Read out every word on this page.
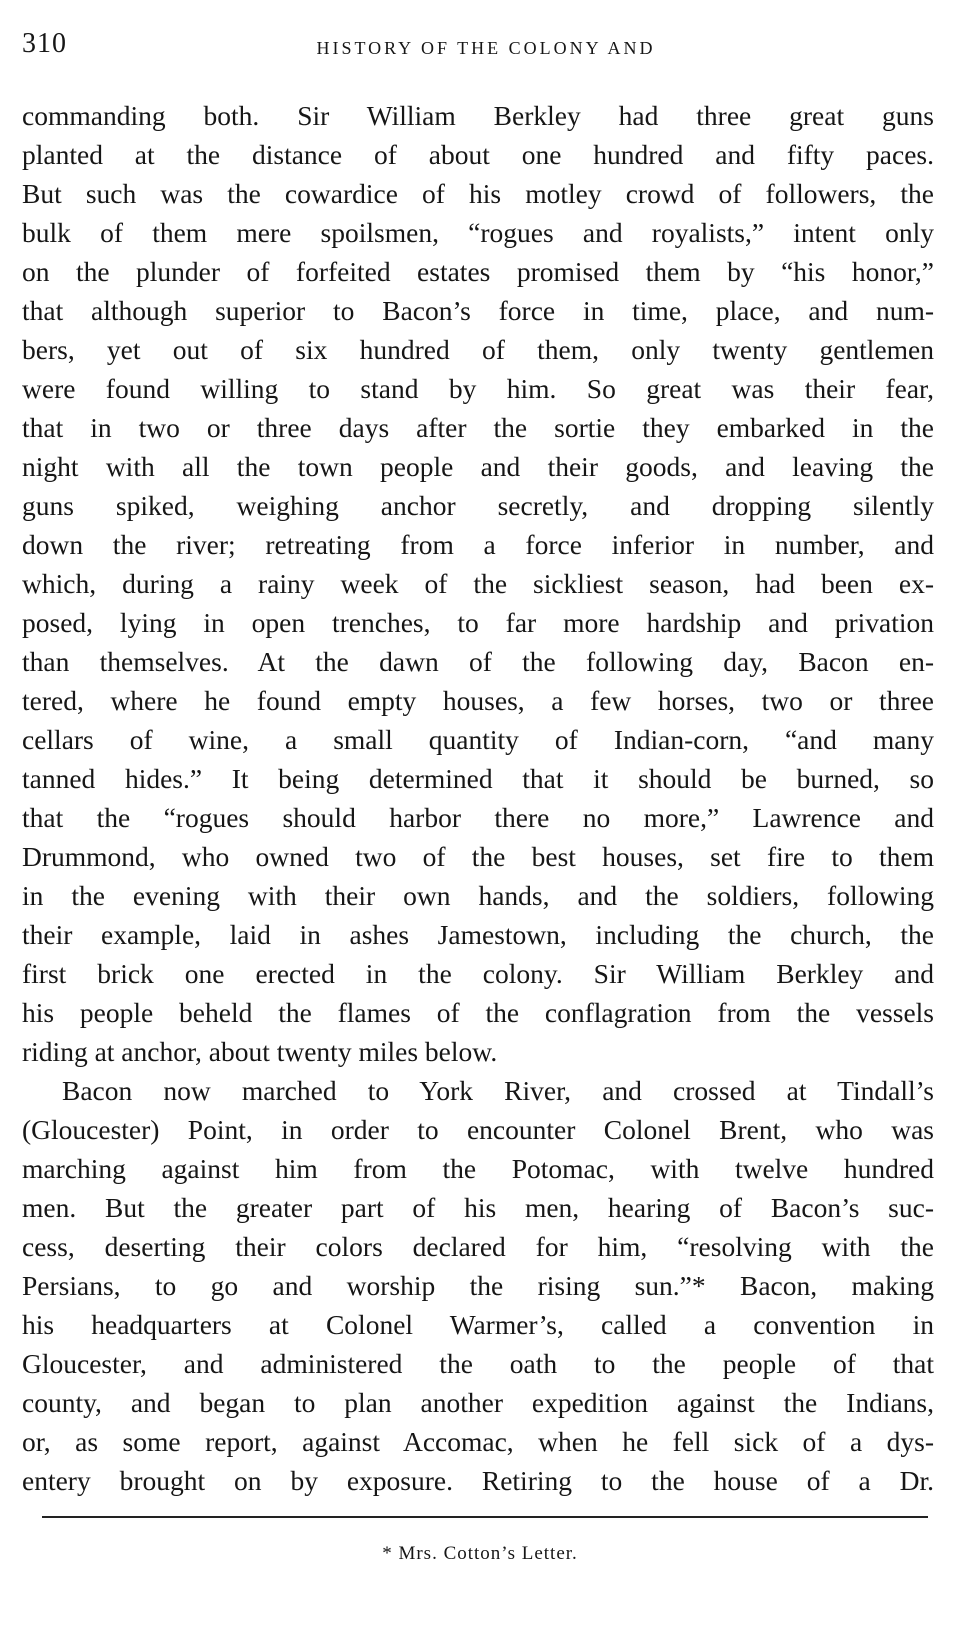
310	HISTORY OF THE COLONY AND
commanding both. Sir William Berkley had three great guns
planted at the distance of about one hundred and fifty paces.
But such was the cowardice of his motley crowd of followers, the
bulk of them mere spoilsmen, “rogues and royalists,” intent only
on the plunder of forfeited estates promised them by “his honor,”
that although superior to Bacon’s force in time, place, and num-
bers, yet out of six hundred of them, only twenty gentlemen
were found willing to stand by him. So great was their fear,
that in two or three days after the sortie they embarked in the
night with all the town people and their goods, and leaving the
guns spiked, weighing anchor secretly, and dropping silently
down the river; retreating from a force inferior in number, and
which, during a rainy week of the sickliest season, had been ex-
posed, lying in open trenches, to far more hardship and privation
than themselves. At the dawn of the following day, Bacon en-
tered, where he found empty houses, a few horses, two or three
cellars of wine, a small quantity of Indian-corn, “and many
tanned hides.” It being determined that it should be burned, so
that the “rogues should harbor there no more,” Lawrence and
Drummond, who owned two of the best houses, set fire to them
in the evening with their own hands, and the soldiers, following
their example, laid in ashes Jamestown, including the church, the
first brick one erected in the colony. Sir William Berkley and
his people beheld the flames of the conflagration from the vessels
riding at anchor, about twenty miles below.
Bacon now marched to York River, and crossed at Tindall’s
(Gloucester) Point, in order to encounter Colonel Brent, who was
marching against him from the Potomac, with twelve hundred
men. But the greater part of his men, hearing of Bacon’s suc-
cess, deserting their colors declared for him, “resolving with the
Persians, to go and worship the rising sun.”* Bacon, making
his headquarters at Colonel Warmer’s, called a convention in
Gloucester, and administered the oath to the people of that
county, and began to plan another expedition against the Indians,
or, as some report, against Accomac, when he fell sick of a dys-
entery brought on by exposure. Retiring to the house of a Dr.
* Mrs. Cotton’s Letter.
